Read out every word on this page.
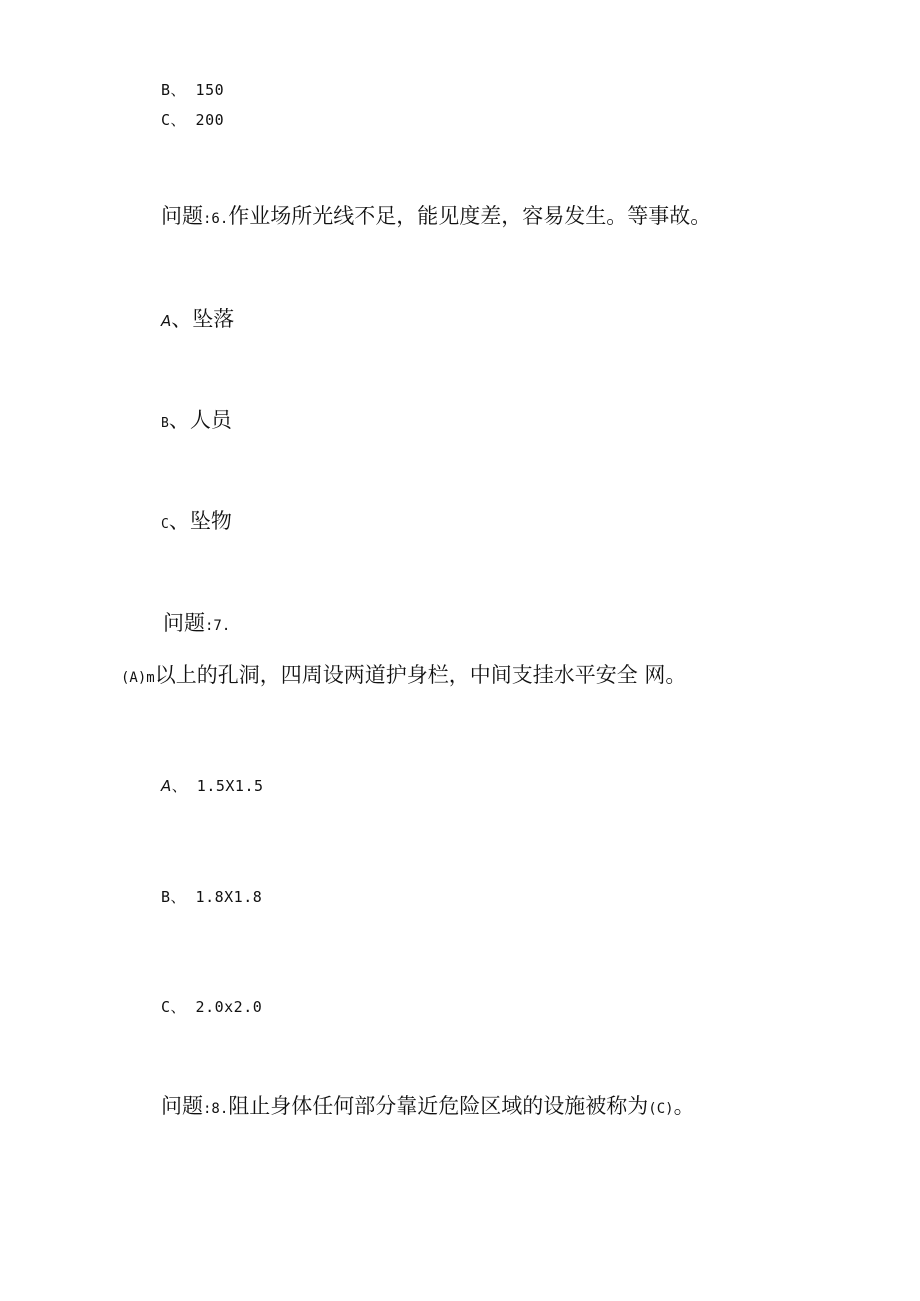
B、 150
C、 200
问题:6.作业场所光线不足，能见度差，容易发生。等事故。
A、坠落
B、人员
C、坠物
问题:7.
(A)m以上的孔洞，四周设两道护身栏，中间支挂水平安全 网。
A、 1.5X1.5
B、 1.8X1.8
C、 2.0x2.0
问题:8.阻止身体任何部分靠近危险区域的设施被称为(C)。
